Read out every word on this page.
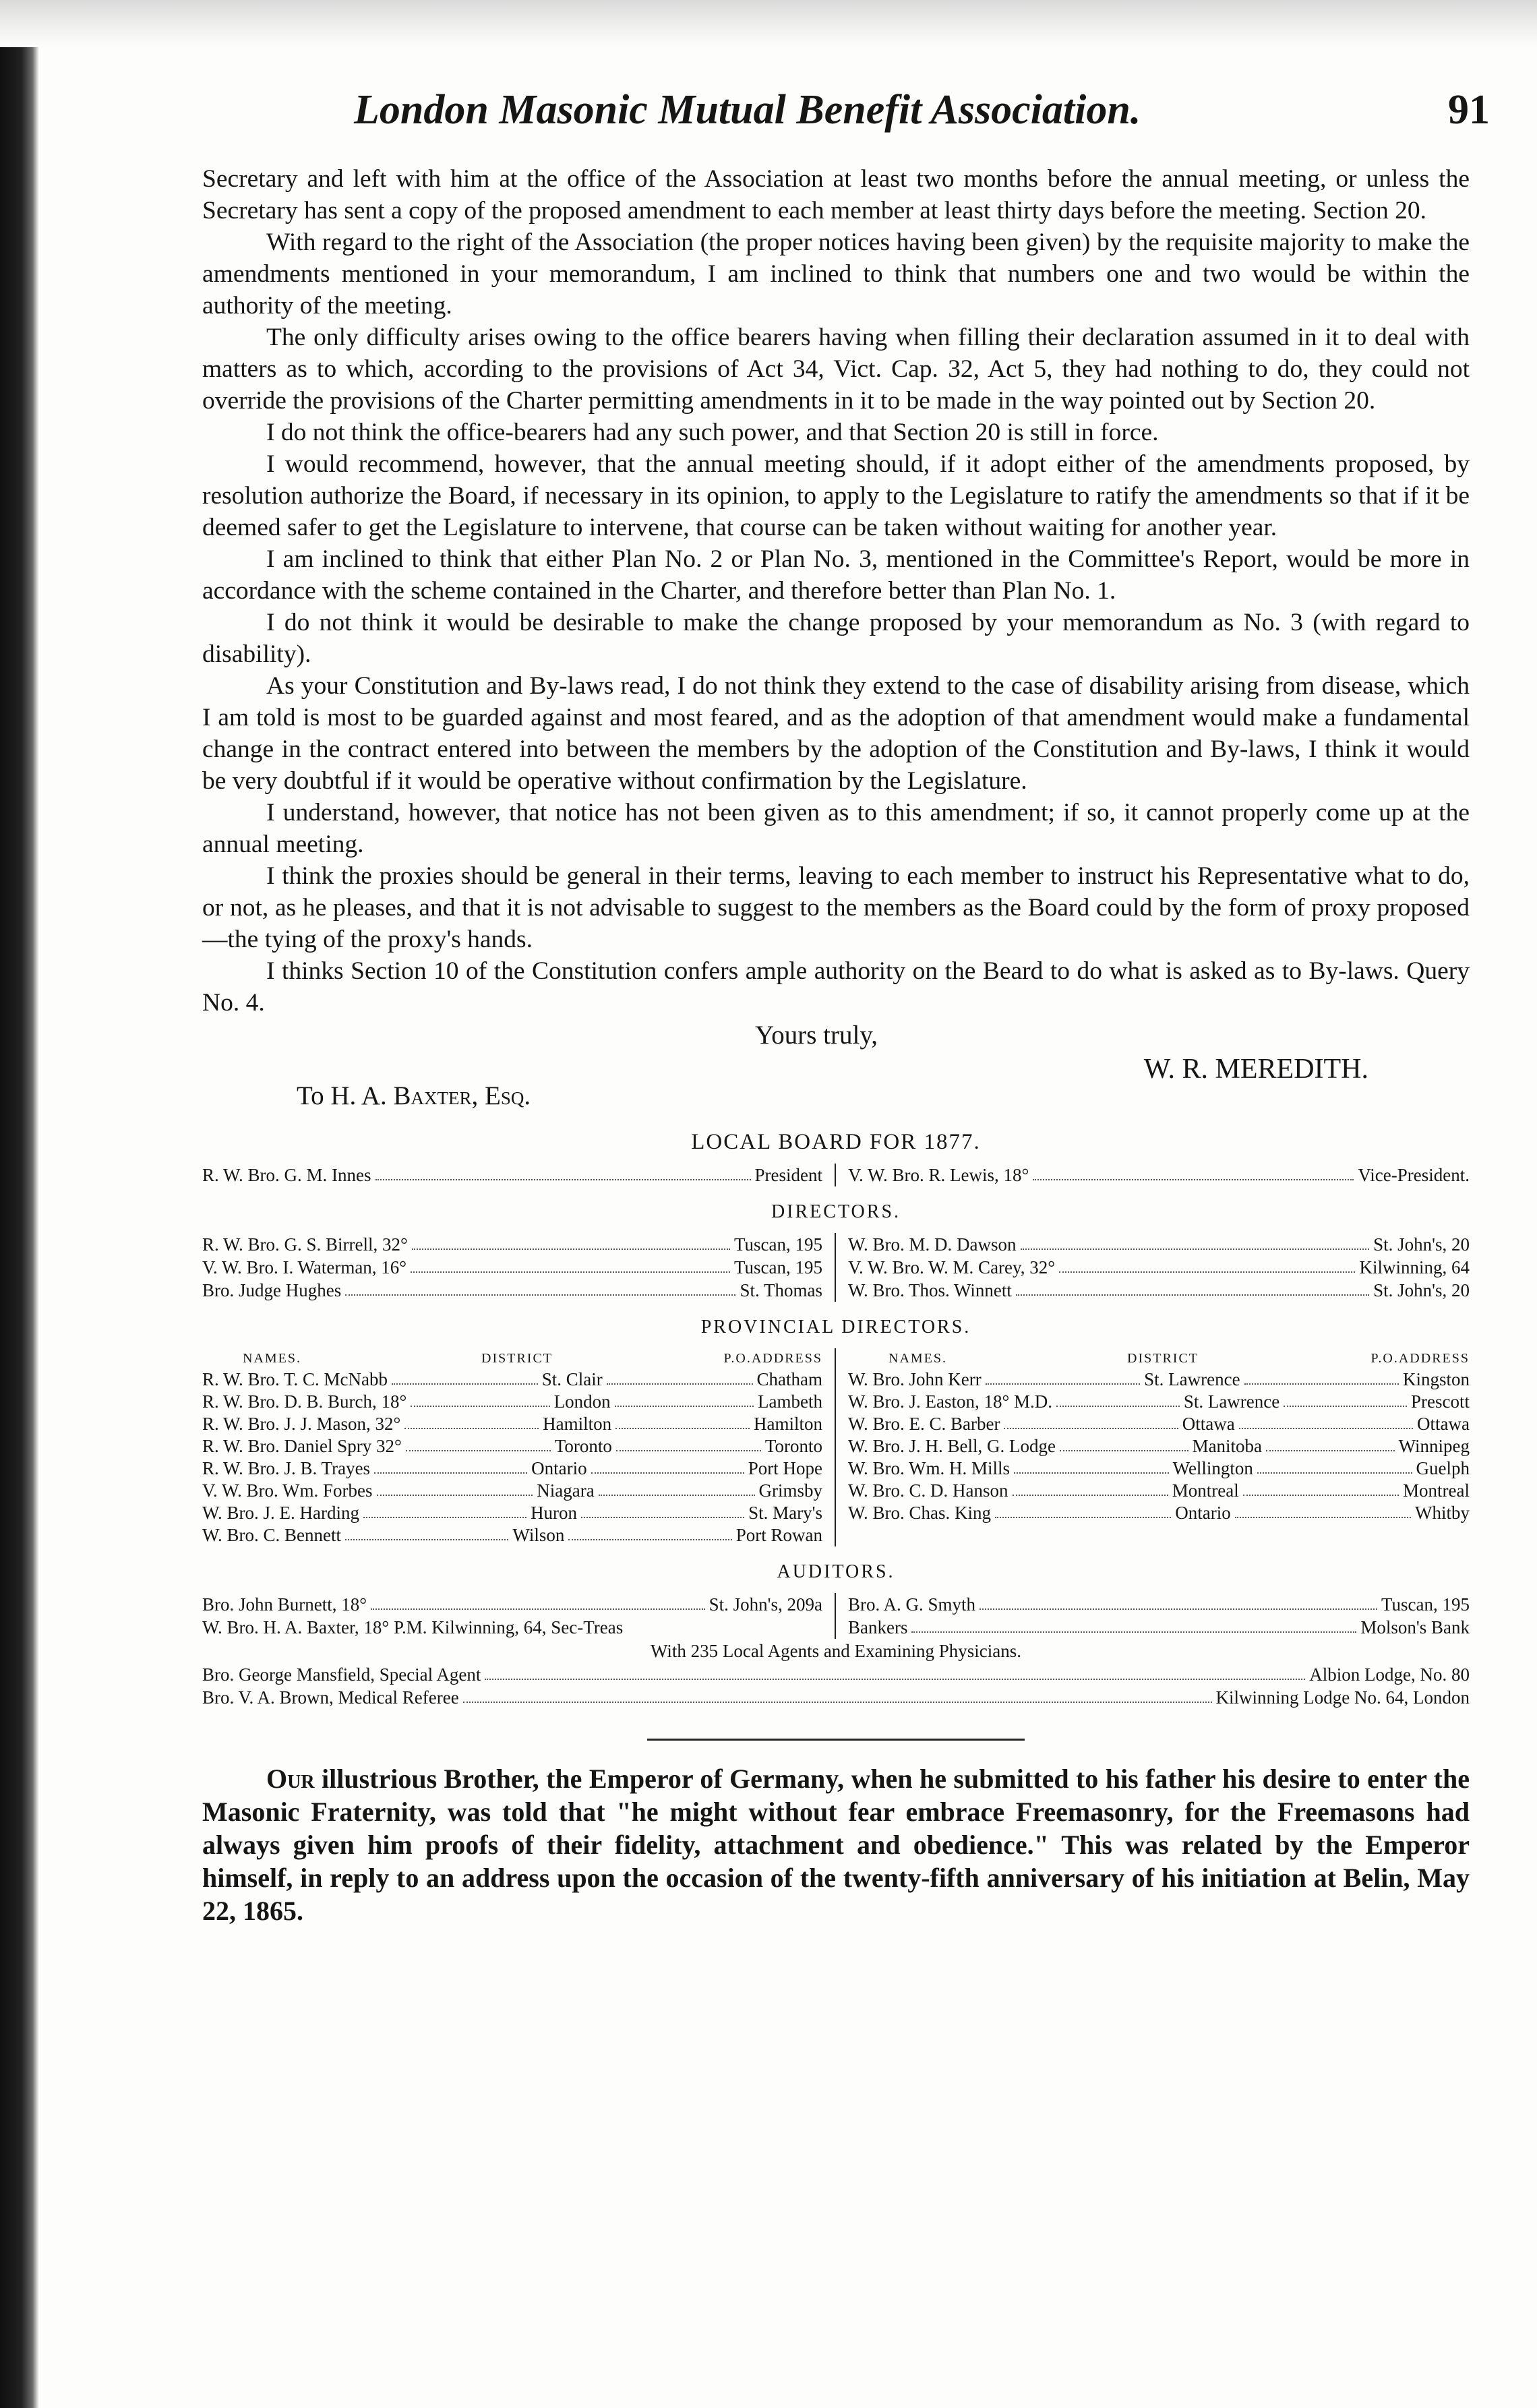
London Masonic Mutual Benefit Association.	91

Secretary and left with him at the office of the Association at least two months before the annual meeting, or unless the Secretary has sent a copy of the proposed amendment to each member at least thirty days before the meeting. Section 20.

With regard to the right of the Association (the proper notices having been given) by the requisite majority to make the amendments mentioned in your memorandum, I am inclined to think that numbers one and two would be within the authority of the meeting.

The only difficulty arises owing to the office bearers having when filling their declaration assumed in it to deal with matters as to which, according to the provisions of Act 34, Vict. Cap. 32, Act 5, they had nothing to do, they could not override the provisions of the Charter permitting amendments in it to be made in the way pointed out by Section 20.

I do not think the office-bearers had any such power, and that Section 20 is still in force.

I would recommend, however, that the annual meeting should, if it adopt either of the amendments proposed, by resolution authorize the Board, if necessary in its opinion, to apply to the Legislature to ratify the amendments so that if it be deemed safer to get the Legislature to intervene, that course can be taken without waiting for another year.

I am inclined to think that either Plan No. 2 or Plan No. 3, mentioned in the Committee's Report, would be more in accordance with the scheme contained in the Charter, and therefore better than Plan No. 1.

I do not think it would be desirable to make the change proposed by your memorandum as No. 3 (with regard to disability).

As your Constitution and By-laws read, I do not think they extend to the case of disability arising from disease, which I am told is most to be guarded against and most feared, and as the adoption of that amendment would make a fundamental change in the contract entered into between the members by the adoption of the Constitution and By-laws, I think it would be very doubtful if it would be operative without confirmation by the Legislature.

I understand, however, that notice has not been given as to this amendment; if so, it cannot properly come up at the annual meeting.

I think the proxies should be general in their terms, leaving to each member to instruct his Representative what to do, or not, as he pleases, and that it is not advisable to suggest to the members as the Board could by the form of proxy proposed—the tying of the proxy's hands.

I thinks Section 10 of the Constitution confers ample authority on the Beard to do what is asked as to By-laws. Query No. 4.

Yours truly,
W. R. MEREDITH.
To H. A. Baxter, Esq.
LOCAL BOARD FOR 1877.
R. W. Bro. G. M. Innes	President V. W. Bro. R. Lewis, 18°	Vice-President.
DIRECTORS.
R. W. Bro. G. S. Birrell, 32°	Tuscan, 195 W. Bro. M. D. Dawson	St. John's, 20
V. W. Bro. I. Waterman, 16°	Tuscan, 195 V. W. Bro. W. M. Carey, 32°	Kilwinning, 64
Bro. Judge Hughes	St. Thomas W. Bro. Thos. Winnett	St. John's, 20
PROVINCIAL DIRECTORS.
NAMES.	DISTRICT	P.O.ADDRESS
R. W. Bro. T. C. McNabb	St. Clair	Chatham
R. W. Bro. D. B. Burch, 18°	London	Lambeth
R. W. Bro. J. J. Mason, 32°	Hamilton	Hamilton
R. W. Bro. Daniel Spry 32°	Toronto	Toronto
R. W. Bro. J. B. Trayes	Ontario	Port Hope
V. W. Bro. Wm. Forbes	Niagara	Grimsby
W. Bro. J. E. Harding	Huron	St. Mary's
W. Bro. C. Bennett	Wilson	Port Rowan
NAMES.	DISTRICT	P.O.ADDRESS
W. Bro. John Kerr	St. Lawrence	Kingston
W. Bro. J. Easton, 18° M.D.	St. Lawrence	Prescott
W. Bro. E. C. Barber	Ottawa	Ottawa
W. Bro. J. H. Bell, G. Lodge	Manitoba	Winnipeg
W. Bro. Wm. H. Mills	Wellington	Guelph
W. Bro. C. D. Hanson	Montreal	Montreal
W. Bro. Chas. King	Ontario	Whitby
AUDITORS.
Bro. John Burnett, 18°	St. John's, 209a Bro. A. G. Smyth	Tuscan, 195
W. Bro. H. A. Baxter, 18° P.M. Kilwinning, 64, Sec-Treas	Bankers	Molson's Bank
With 235 Local Agents and Examining Physicians.
Bro. George Mansfield, Special Agent	Albion Lodge, No. 80
Bro. V. A. Brown, Medical Referee	Kilwinning Lodge No. 64, London
Our illustrious Brother, the Emperor of Germany, when he submitted to his father his desire to enter the Masonic Fraternity, was told that "he might without fear embrace Freemasonry, for the Freemasons had always given him proofs of their fidelity, attachment and obedience." This was related by the Emperor himself, in reply to an address upon the occasion of the twenty-fifth anniversary of his initiation at Belin, May 22, 1865.
